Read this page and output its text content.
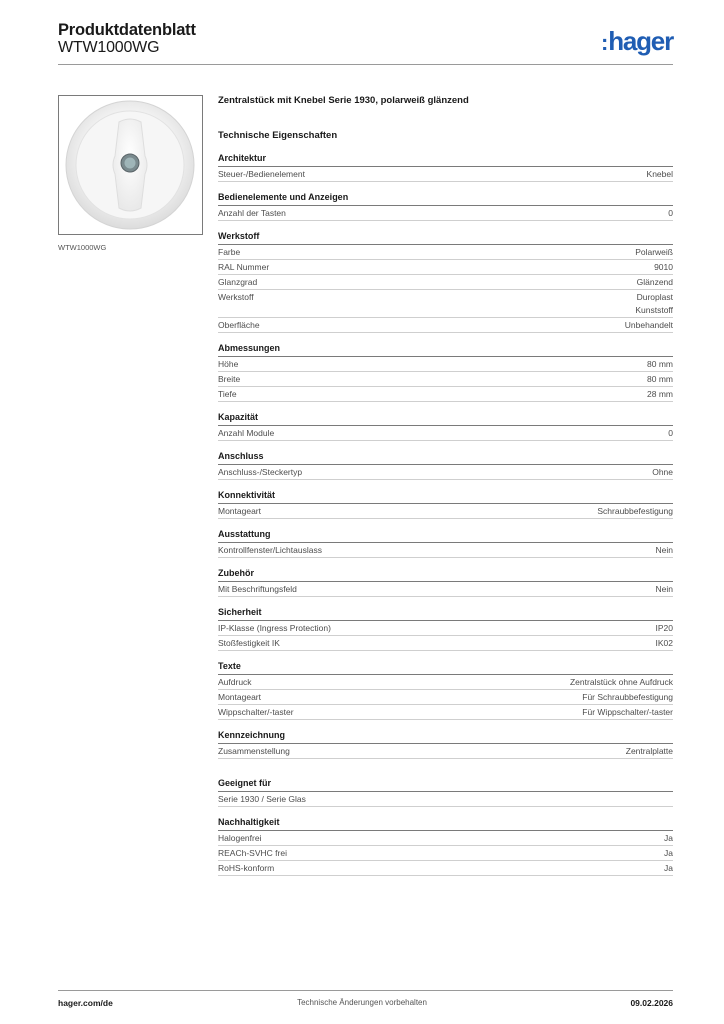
Produktdatenblatt
WTW1000WG	:hager
WTW1000WG
Zentralstück mit Knebel Serie 1930, polarweiß glänzend
Technische Eigenschaften
Architektur
Steuer-/Bedienelement	Knebel
Bedienelemente und Anzeigen
Anzahl der Tasten	0
Werkstoff
Farbe	Polarweiß
RAL Nummer	9010
Glanzgrad	Glänzend
Werkstoff	Duroplast
Kunststoff
Oberfläche	Unbehandelt
Abmessungen
Höhe	80 mm
Breite	80 mm
Tiefe	28 mm
Kapazität
Anzahl Module	0
Anschluss
Anschluss-/Steckertyp	Ohne
Konnektivität
Montageart	Schraubbefestigung
Ausstattung
Kontrollfenster/Lichtauslass	Nein
Zubehör
Mit Beschriftungsfeld	Nein
Sicherheit
IP-Klasse (Ingress Protection)	IP20
Stoßfestigkeit IK	IK02
Texte
Aufdruck	Zentralstück ohne Aufdruck
Montageart	Für Schraubbefestigung
Wippschalter/-taster	Für Wippschalter/-taster
Kennzeichnung
Zusammenstellung	Zentralplatte
Geeignet für
Serie 1930 / Serie Glas
Nachhaltigkeit
Halogenfrei	Ja
REACh-SVHC frei	Ja
RoHS-konform	Ja
hager.com/de	Technische Änderungen vorbehalten	09.02.2026
